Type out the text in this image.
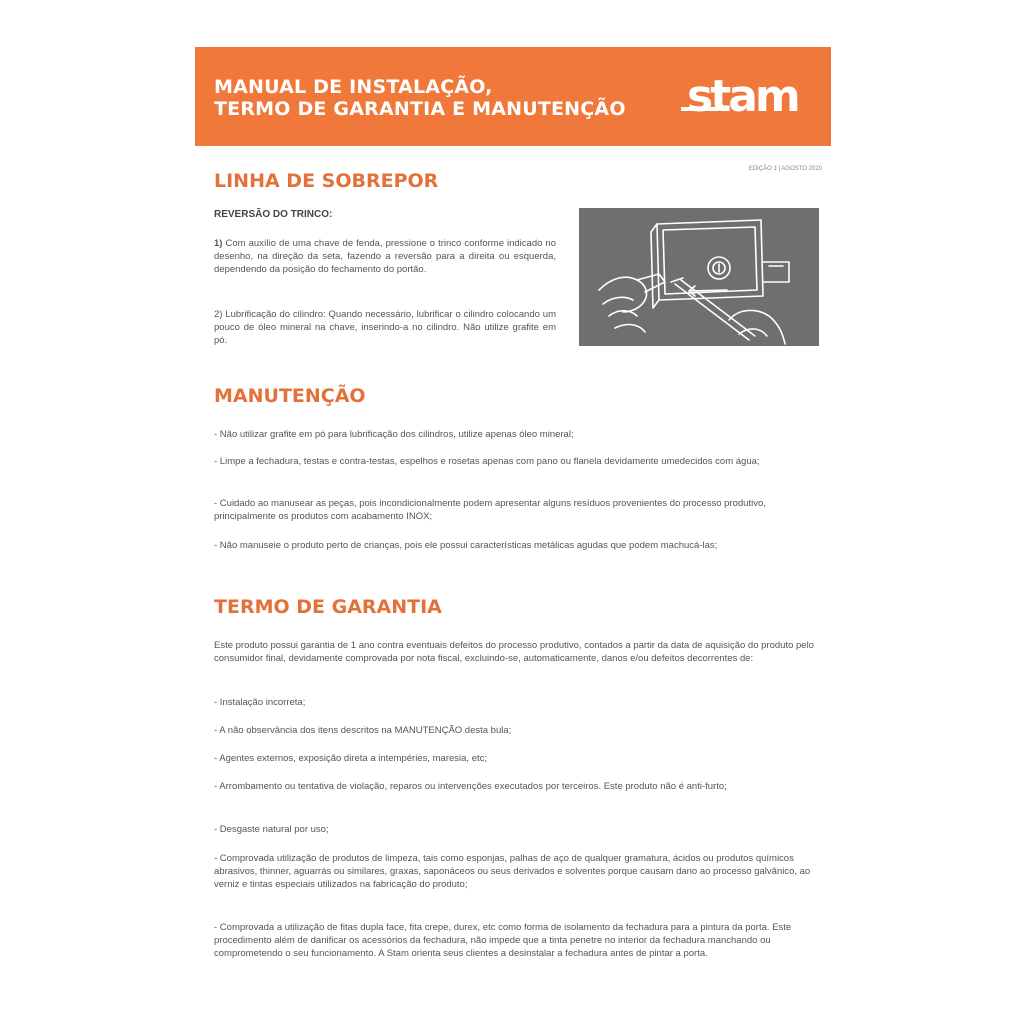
MANUAL DE INSTALAÇÃO,
TERMO DE GARANTIA E MANUTENÇÃO stam
EDIÇÃO 1 | AGOSTO 2020
LINHA DE SOBREPOR
REVERSÃO DO TRINCO:

1) Com auxílio de uma chave de fenda, pressione o trinco conforme indicado no desenho, na direção da seta, fazendo a reversão para a direita ou esquerda, dependendo da posição do fechamento do portão.

2) Lubrificação do cilindro: Quando necessário, lubrificar o cilindro colocando um pouco de óleo mineral na chave, inserindo-a no cilindro. Não utilize grafite em pó.

MANUTENÇÃO

- Não utilizar grafite em pó para lubrificação dos cilindros, utilize apenas óleo mineral;

- Limpe a fechadura, testas e contra-testas, espelhos e rosetas apenas com pano ou flanela devidamente umedecidos com água;

- Cuidado ao manusear as peças, pois incondicionalmente podem apresentar alguns resíduos provenientes do processo produtivo, principalmente os produtos com acabamento INOX;

- Não manuseie o produto perto de crianças, pois ele possui características metálicas agudas que podem machucá-las;

TERMO DE GARANTIA

Este produto possui garantia de 1 ano contra eventuais defeitos do processo produtivo, contados a partir da data de aquisição do produto pelo consumidor final, devidamente comprovada por nota fiscal, excluindo-se, automaticamente, danos e/ou defeitos decorrentes de:

- Instalação incorreta;

- A não observância dos itens descritos na MANUTENÇÃO desta bula;

- Agentes externos, exposição direta a intempéries, maresia, etc;

- Arrombamento ou tentativa de violação, reparos ou intervenções executados por terceiros. Este produto não é anti-furto;

- Desgaste natural por uso;

- Comprovada utilização de produtos de limpeza, tais como esponjas, palhas de aço de qualquer gramatura, ácidos ou produtos químicos abrasivos, thinner, aguarrás ou similares, graxas, saponáceos ou seus derivados e solventes porque causam dano ao processo galvânico, ao verniz e tintas especiais utilizados na fabricação do produto;

- Comprovada a utilização de fitas dupla face, fita crepe, durex, etc como forma de isolamento da fechadura para a pintura da porta. Este procedimento além de danificar os acessórios da fechadura, não impede que a tinta penetre no interior da fechadura manchando ou comprometendo o seu funcionamento. A Stam orienta seus clientes a desinstalar a fechadura antes de pintar a porta.
